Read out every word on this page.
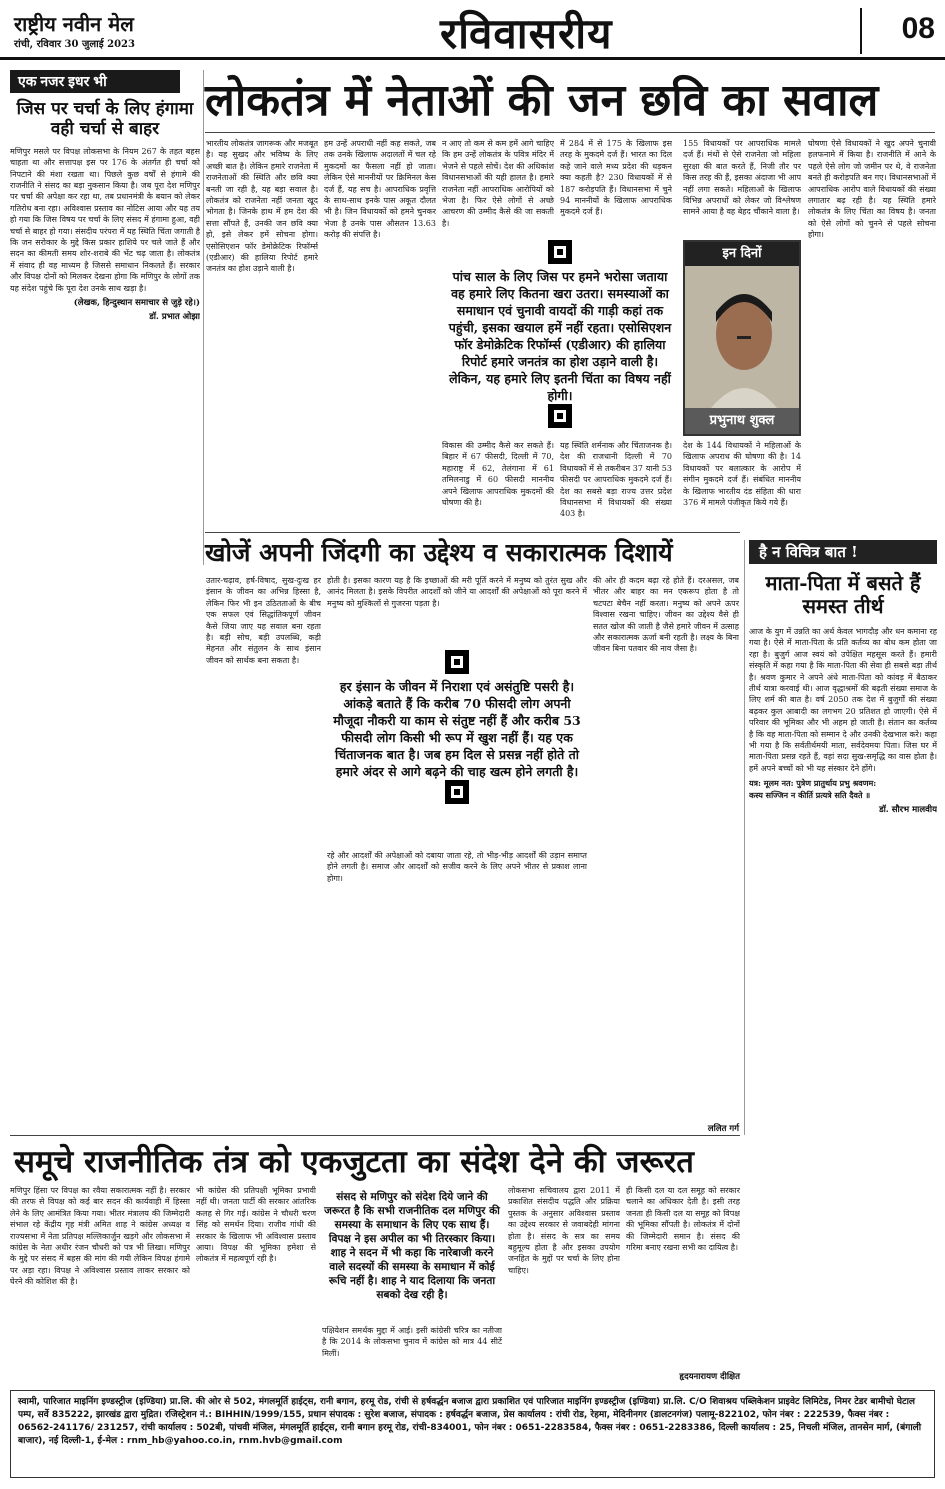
राष्ट्रीय नवीन मेल
रांची, रविवार 30 जुलाई 2023	रविवासरीय	08
एक नजर इधर भी
जिस पर चर्चा के लिए हंगामा वही चर्चा से बाहर
मणिपुर मसले पर विपक्ष लोकसभा के नियम 267 के तहत बहस चाहता था और सत्तापक्ष इस पर 176 के अंतर्गत ही चर्चा को निपटाने की मंशा रखता था। पिछले कुछ वर्षों से हंगामे की राजनीति ने संसद का बड़ा नुकसान किया है। जब पूरा देश मणिपुर पर चर्चा की अपेक्षा कर रहा था, तब प्रधानमंत्री के बयान को लेकर गतिरोध बना रहा। अविश्वास प्रस्ताव का नोटिस आया और यह तय हो गया कि जिस विषय पर चर्चा के लिए संसद में हंगामा हुआ, वही चर्चा से बाहर हो गया। संसदीय परंपरा में यह स्थिति चिंता जगाती है कि जन सरोकार के मुद्दे किस प्रकार हाशिये पर चले जाते हैं और सदन का कीमती समय शोर-शराबे की भेंट चढ़ जाता है। लोकतंत्र में संवाद ही वह माध्यम है जिससे समाधान निकलते हैं। सरकार और विपक्ष दोनों को मिलकर देखना होगा कि मणिपुर के लोगों तक यह संदेश पहुंचे कि पूरा देश उनके साथ खड़ा है।
(लेखक, हिन्दुस्थान समाचार से जुड़े रहे।)
डॉ. प्रभात ओझा
लोकतंत्र में नेताओं की जन छवि का सवाल
भारतीय लोकतंत्र जागरूक और मजबूत है। यह सुखद और भविष्य के लिए अच्छी बात है। लेकिन हमारे राजनेता में राजनेताओं की स्थिति और छवि क्या बनती जा रही है, यह बड़ा सवाल है। लोकतंत्र को राजनेता नहीं जनता खूद भोगता है। जिनके हाथ में हम देश की सत्ता सौंपते हैं, उनकी जन छवि क्या हो, इसे लेकर हमें सोचना होगा। एसोसिएशन फॉर डेमोक्रेटिक रिफॉर्म्स (एडीआर) की हालिया रिपोर्ट हमारे जनतंत्र का होश उड़ाने वाली है।
हम उन्हें अपराधी नहीं कह सकते, जब तक उनके खिलाफ अदालतों में चल रहे मुकदमों का फैसला नहीं हो जाता। लेकिन ऐसे माननीयों पर क्रिमिनल केस दर्ज हैं, यह सच है। आपराधिक प्रवृत्ति के साथ-साथ इनके पास अकूत दौलत भी है। जिन विधायकों को हमने चुनकर भेजा है उनके पास औसतन 13.63 करोड़ की संपत्ति है।
न आए तो कम से कम हमें आगे चाहिए कि हम उन्हें लोकतंत्र के पवित्र मंदिर में भेजने से पहले सोचें। देश की अधिकांश विधानसभाओं की यही हालत है। हमारे राजनेता नहीं आपराधिक आरोपियों को भेजा है। फिर ऐसे लोगों से अच्छे आचरण की उम्मीद कैसे की जा सकती है।
में 284 में से 175 के खिलाफ इस तरह के मुकदमे दर्ज हैं। भारत का दिल कहे जाने वाले मध्य प्रदेश की धड़कन क्या कहती है? 230 विधायकों में से 187 करोड़पति हैं। विधानसभा में चुने 94 माननीयों के खिलाफ आपराधिक मुकदमे दर्ज हैं।
155 विधायकों पर आपराधिक मामले दर्ज हैं। मंथों से ऐसे राजनेता जो महिला सुरक्षा की बात करते हैं, निजी तौर पर किस तरह की हैं, इसका अंदाजा भी आप नहीं लगा सकते। महिलाओं के खिलाफ विभिन्न अपराधों को लेकर जो विश्लेषण सामने आया है वह बेहद चौंकाने वाला है।
घोषणा ऐसे विधायकों ने खुद अपने चुनावी हलफनामे में किया है। राजनीति में आने के पहले ऐसे लोग जो जमीन पर थे, वे राजनेता बनते ही करोड़पति बन गए। विधानसभाओं में आपराधिक आरोप वाले विधायकों की संख्या लगातार बढ़ रही है। यह स्थिति हमारे लोकतंत्र के लिए चिंता का विषय है। जनता को ऐसे लोगों को चुनने से पहले सोचना होगा।
पांच साल के लिए जिस पर हमने भरोसा जताया वह हमारे लिए कितना खरा उतरा। समस्याओं का समाधान एवं चुनावी वायदों की गाड़ी कहां तक पहुंची, इसका खयाल हमें नहीं रहता। एसोसिएशन फॉर डेमोक्रेटिक रिफॉर्म्स (एडीआर) की हालिया रिपोर्ट हमारे जनतंत्र का होश उड़ाने वाली है। लेकिन, यह हमारे लिए इतनी चिंता का विषय नहीं होगी।
विकास की उम्मीद कैसे कर सकते हैं। बिहार में 67 फीसदी, दिल्ली में 70, महाराष्ट्र में 62, तेलंगाना में 61 तमिलनाडु में 60 फीसदी माननीय अपने खिलाफ आपराधिक मुकदमों की घोषणा की है।
यह स्थिति शर्मनाक और चिंताजनक है। देश की राजधानी दिल्ली में 70 विधायकों में से तकरीबन 37 यानी 53 फीसदी पर आपराधिक मुकदमे दर्ज हैं। देश का सबसे बड़ा राज्य उत्तर प्रदेश विधानसभा में विधायकों की संख्या 403 है।
देश के 144 विधायकों ने महिलाओं के खिलाफ अपराध की घोषणा की है। 14 विधायकों पर बलात्कार के आरोप में संगीन मुकदमे दर्ज हैं। संबंधित माननीय के खिलाफ भारतीय दंड संहिता की धारा 376 में मामले पंजीकृत किये गये हैं।
इन दिनों
प्रभुनाथ शुक्ल
खोजें अपनी जिंदगी का उद्देश्य व सकारात्मक दिशायें	है न विचित्र बात !
माता-पिता में बसते हैं समस्त तीर्थ
आज के युग में उन्नति का अर्थ केवल भागदौड़ और धन कमाना रह गया है। ऐसे में माता-पिता के प्रति कर्तव्य का बोध कम होता जा रहा है। बुजुर्ग आज स्वयं को उपेक्षित महसूस करते हैं। हमारी संस्कृति में कहा गया है कि माता-पिता की सेवा ही सबसे बड़ा तीर्थ है। श्रवण कुमार ने अपने अंधे माता-पिता को कांवड़ में बैठाकर तीर्थ यात्रा करवाई थी। आज वृद्धाश्रमों की बढ़ती संख्या समाज के लिए शर्म की बात है। वर्ष 2050 तक देश में बुजुर्गों की संख्या बढ़कर कुल आबादी का लगभग 20 प्रतिशत हो जाएगी। ऐसे में परिवार की भूमिका और भी अहम हो जाती है। संतान का कर्तव्य है कि वह माता-पिता को सम्मान दे और उनकी देखभाल करे। कहा भी गया है कि सर्वतीर्थमयी माता, सर्वदेवमयः पिता। जिस घर में माता-पिता प्रसन्न रहते हैं, वहां सदा सुख-समृद्धि का वास होता है। हमें अपने बच्चों को भी यह संस्कार देने होंगे।
यत्र: मूलम नत: पुत्रेण प्रातुर्थाय प्रभु श्रवणम:
कस्य सज्जिन न कीर्ति प्रत्यत्रे सति दैवते ॥
डॉ. सौरभ मालवीय
समूचे राजनीतिक तंत्र को एकजुटता का संदेश देने की जरूरत
उतार-चढ़ाव, हर्ष-विषाद, सुख-दुःख हर इंसान के जीवन का अभिन्न हिस्सा है, लेकिन फिर भी इन उठितताओं के बीच एक सफल एवं सिद्धांतिकपूर्ण जीवन कैसे जिया जाए यह सवाल बना रहता है। बड़ी सोच, बड़ी उपलब्धि, कड़ी मेहनत और संतुलन के साथ इंसान जीवन को सार्थक बना सकता है।
होती है। इसका कारण यह है कि इच्छाओं की मरी पूर्ति करने में मनुष्य को तुरंत सुख और आनंद मिलता है। इसके विपरीत आदर्शों को जीने या आदर्शों की अपेक्षाओं को पूरा करने में मनुष्य को मुश्किलों से गुजरना पड़ता है।
हर इंसान के जीवन में निराशा एवं असंतुष्टि पसरी है। आंकड़े बताते हैं कि करीब 70 फीसदी लोग अपनी मौजूदा नौकरी या काम से संतुष्ट नहीं हैं और करीब 53 फीसदी लोग किसी भी रूप में खुश नहीं हैं। यह एक चिंताजनक बात है। जब हम दिल से प्रसन्न नहीं होते तो हमारे अंदर से आगे बढ़ने की चाह खत्म होने लगती है।
रहे और आदर्शों की अपेक्षाओं को दबाया जाता रहे, तो भीड़-भीड़ आदर्शों की उड़ान समाप्त होने लगती है। समाज और आदर्शों को सजीव करने के लिए अपने भीतर से प्रकाश लाना होगा।
की ओर ही कदम बढ़ा रहे होते हैं। दरअसल, जब भीतर और बाहर का मन एकरूप होता है तो चटपटा बेचैन नहीं करता। मनुष्य को अपने ऊपर विश्वास रखना चाहिए। जीवन का उद्देश्य वैसे ही सतत खोज की जाती है जैसे हमारे जीवन में उत्साह और सकारात्मक ऊर्जा बनी रहती है। लक्ष्य के बिना जीवन बिना पतवार की नाव जैसा है।
ललित गर्ग
मणिपुर हिंसा पर विपक्ष का रवैया सकारात्मक नहीं है। सरकार की तरफ से विपक्ष को कई बार सदन की कार्यवाही में हिस्सा लेने के लिए आमंत्रित किया गया। भीतर मंत्रालय की जिम्मेदारी संभाल रहे केंद्रीय गृह मंत्री अमित शाह ने कांग्रेस अध्यक्ष व राज्यसभा में नेता प्रतिपक्ष मल्लिकार्जुन खड़गे और लोकसभा में कांग्रेस के नेता अधीर रंजन चौधरी को पत्र भी लिखा। मणिपुर के मुद्दे पर संसद में बहस की मांग की गयी लेकिन विपक्ष हंगामे पर अड़ा रहा। विपक्ष ने अविश्वास प्रस्ताव लाकर सरकार को घेरने की कोशिश की है।
भी कांग्रेस की प्रतिपक्षी भूमिका प्रभावी नहीं थी। जनता पार्टी की सरकार आंतरिक कलह से गिर गई। कांग्रेस ने चौधरी चरण सिंह को समर्थन दिया। राजीव गांधी की सरकार के खिलाफ भी अविश्वास प्रस्ताव आया। विपक्ष की भूमिका हमेशा से लोकतंत्र में महत्वपूर्ण रही है।
संसद से मणिपुर को संदेश दिये जाने की जरूरत है कि सभी राजनीतिक दल मणिपुर की समस्या के समाधान के लिए एक साथ हैं। विपक्ष ने इस अपील का भी तिरस्कार किया। शाह ने सदन में भी कहा कि नारेबाजी करने वाले सदस्यों की समस्या के समाधान में कोई रूचि नहीं है। शाह ने याद दिलाया कि जनता सबको देख रही है।
पक्षियेशन समर्थक मुद्दा में आई। इसी कांग्रेसी चरित्र का नतीजा है कि 2014 के लोकसभा चुनाव में कांग्रेस को मात्र 44 सीटें मिलीं।
लोकसभा सचिवालय द्वारा 2011 में प्रकाशित संसदीय पद्धति और प्रक्रिया पुस्तक के अनुसार अविश्वास प्रस्ताव का उद्देश्य सरकार से जवाबदेही मांगना होता है। संसद के सत्र का समय बहुमूल्य होता है और इसका उपयोग जनहित के मुद्दों पर चर्चा के लिए होना चाहिए।
ही किसी दल या दल समूह को सरकार चलाने का अधिकार देती है। इसी तरह जनता ही किसी दल या समूह को विपक्ष की भूमिका सौंपती है। लोकतंत्र में दोनों की जिम्मेदारी समान है। संसद की गरिमा बनाए रखना सभी का दायित्व है।
हृदयनारायण दीक्षित
स्वामी, पारिजात माइनिंग इण्डस्ट्रीज (इण्डिया) प्रा.लि. की ओर से 502, मंगलमूर्ति हाईट्स, रानी बगान, हरमू रोड, रांची से हर्षवर्द्धन बजाज द्वारा प्रकाशित एवं पारिजात माइनिंग इण्डस्ट्रीज (इण्डिया) प्रा.लि. C/O शिवाश्रय पब्लिकेशन प्राइवेट लिमिटेड, निमर टेडर बामीचो घेटाल पम्प, सर्वे 835222, झारखंड द्वारा मुद्रित। रजिस्ट्रेशन नं.: BIHHIN/1999/155, प्रधान संपादक : सुरेश बजाज, संपादक : हर्षवर्द्धन बजाज, प्रेस कार्यालय : रांची रोड, रेहमा, मेदिनीनगर (डालटनगंज) पलामू-822102, फोन नंबर : 222539, फैक्स नंबर : 06562-241176/ 231257, रांची कार्यालय : 502बी, पांचवी मंजिल, मंगलमूर्ति हाईट्स, रानी बगान हरमू रोड, रांची-834001, फोन नंबर : 0651-2283584, फैक्स नंबर : 0651-2283386, दिल्ली कार्यालय : 25, निचली मंजिल, तानसेन मार्ग, (बंगाली बाजार), नई दिल्ली-1, ई-मेल : rnm_hb@yahoo.co.in, rnm.hvb@gmail.com
